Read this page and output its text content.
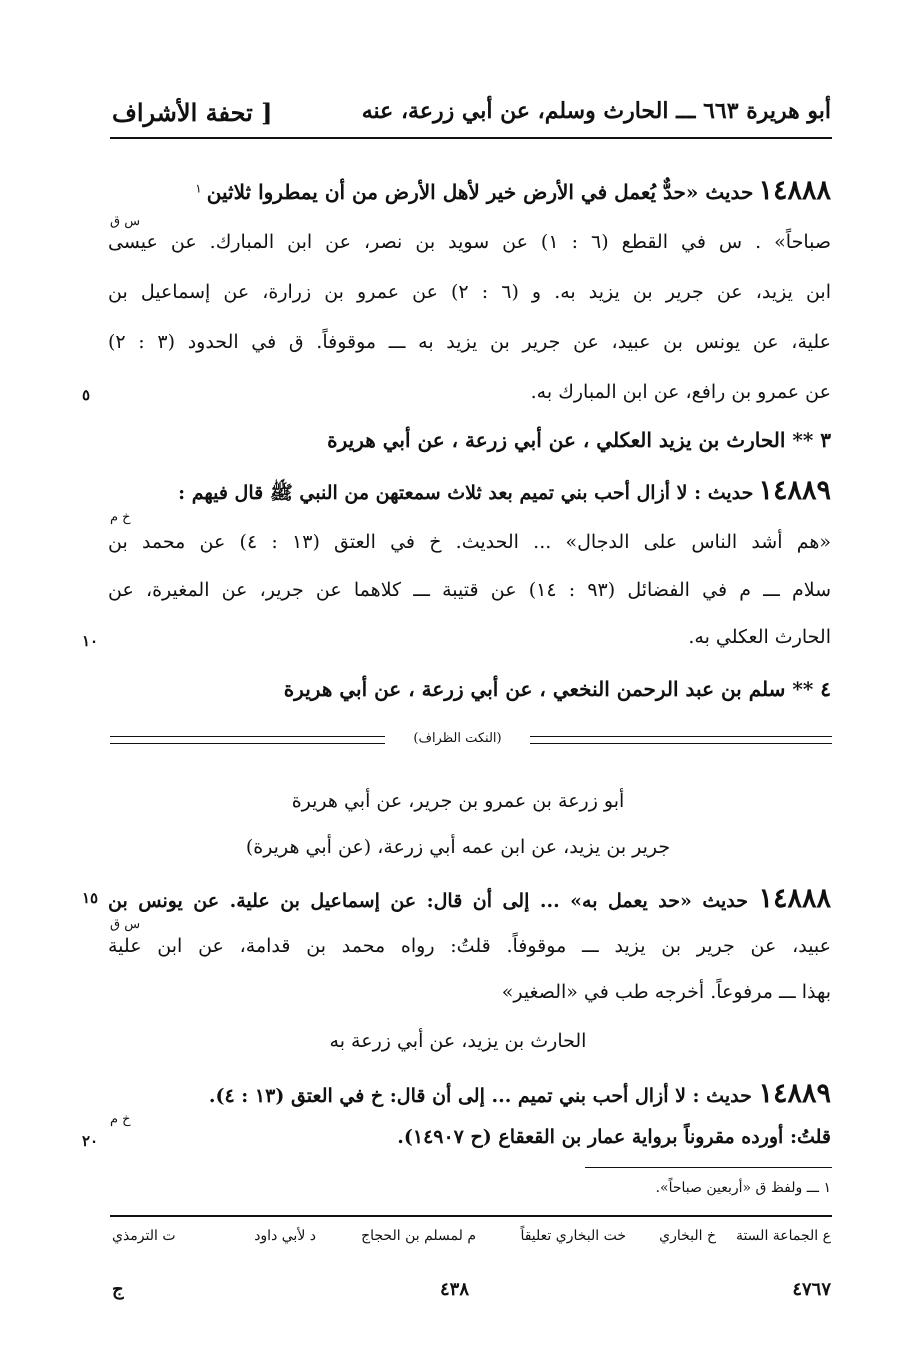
[ تحفة الأشراف	أبو هريرة ٦٦٣ ـــ الحارث وسلم، عن أبي زرعة، عنه
١٤٨٨٨ حديث «حدٌّ يُعمل في الأرض خير لأهل الأرض من أن يمطروا ثلاثين $^١$
س ق
صباحاً» . س في القطع (٦ : ١) عن سويد بن نصر، عن ابن المبارك. عن عيسى
ابن يزيد، عن جرير بن يزيد به. و (٦ : ٢) عن عمرو بن زرارة، عن إسماعيل بن
علية، عن يونس بن عبيد، عن جرير بن يزيد به ـــ موقوفاً. ق في الحدود (٣ : ٢)
عن عمرو بن رافع، عن ابن المبارك به.
٥
٣ ** الحارث بن يزيد العكلي ، عن أبي زرعة ، عن أبي هريرة
١٤٨٨٩ حديث : لا أزال أحب بني تميم بعد ثلاث سمعتهن من النبي ﷺ قال فيهم :
خ م
«هم أشد الناس على الدجال» ... الحديث. خ في العتق (١٣ : ٤) عن محمد بن
سلام ـــ م في الفضائل (٩٣ : ١٤) عن قتيبة ـــ كلاهما عن جرير، عن المغيرة، عن
الحارث العكلي به.
١٠
٤ ** سلم بن عبد الرحمن النخعي ، عن أبي زرعة ، عن أبي هريرة
(النكت الظراف)
أبو زرعة بن عمرو بن جرير، عن أبي هريرة
جرير بن يزيد، عن ابن عمه أبي زرعة، (عن أبي هريرة)
١٤٨٨٨ حديث «حد يعمل به» ... إلى أن قال: عن إسماعيل بن علية. عن يونس بن
١٥
س ق
عبيد، عن جرير بن يزيد ـــ موقوفاً. قلتُ: رواه محمد بن قدامة، عن ابن علية
بهذا ـــ مرفوعاً. أخرجه طب في «الصغير»
الحارث بن يزيد، عن أبي زرعة به
١٤٨٨٩ حديث : لا أزال أحب بني تميم ... إلى أن قال: خ في العتق (١٣ : ٤).
خ م
قلتُ: أورده مقروناً برواية عمار بن القعقاع (ح ١٤٩٠٧).
٢٠
١ ـــ ولفظ ق «أربعين صباحاً».
ع الجماعة الستة
خ البخاري
خت البخاري تعليقاً
م لمسلم بن الحجاج
د لأبي داود
ت الترمذي
٤٧٦٧
٤٣٨
ج
